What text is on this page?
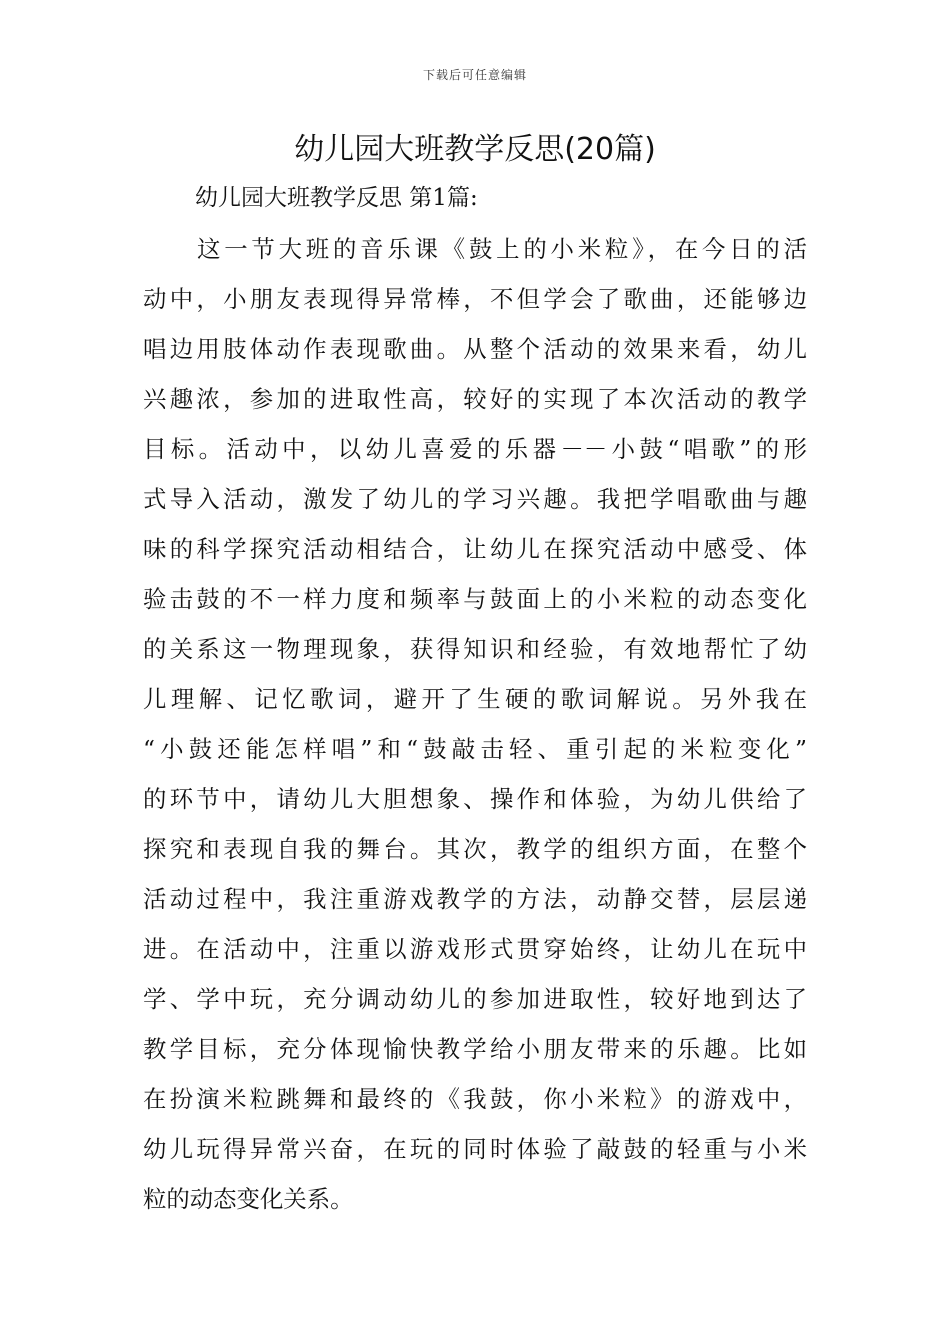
下载后可任意编辑
幼儿园大班教学反思(20篇)
幼儿园大班教学反思 第1篇:
这一节大班的音乐课《鼓上的小米粒》，在今日的活
动中，小朋友表现得异常棒，不但学会了歌曲，还能够边
唱边用肢体动作表现歌曲。从整个活动的效果来看，幼儿
兴趣浓，参加的进取性高，较好的实现了本次活动的教学
目标。活动中，以幼儿喜爱的乐器－－小鼓“唱歌”的形
式导入活动，激发了幼儿的学习兴趣。我把学唱歌曲与趣
味的科学探究活动相结合，让幼儿在探究活动中感受、体
验击鼓的不一样力度和频率与鼓面上的小米粒的动态变化
的关系这一物理现象，获得知识和经验，有效地帮忙了幼
儿理解、记忆歌词，避开了生硬的歌词解说。另外我在
“小鼓还能怎样唱”和“鼓敲击轻、重引起的米粒变化”
的环节中，请幼儿大胆想象、操作和体验，为幼儿供给了
探究和表现自我的舞台。其次，教学的组织方面，在整个
活动过程中，我注重游戏教学的方法，动静交替，层层递
进。在活动中，注重以游戏形式贯穿始终，让幼儿在玩中
学、学中玩，充分调动幼儿的参加进取性，较好地到达了
教学目标，充分体现愉快教学给小朋友带来的乐趣。比如
在扮演米粒跳舞和最终的《我鼓，你小米粒》的游戏中，
幼儿玩得异常兴奋，在玩的同时体验了敲鼓的轻重与小米
粒的动态变化关系。
